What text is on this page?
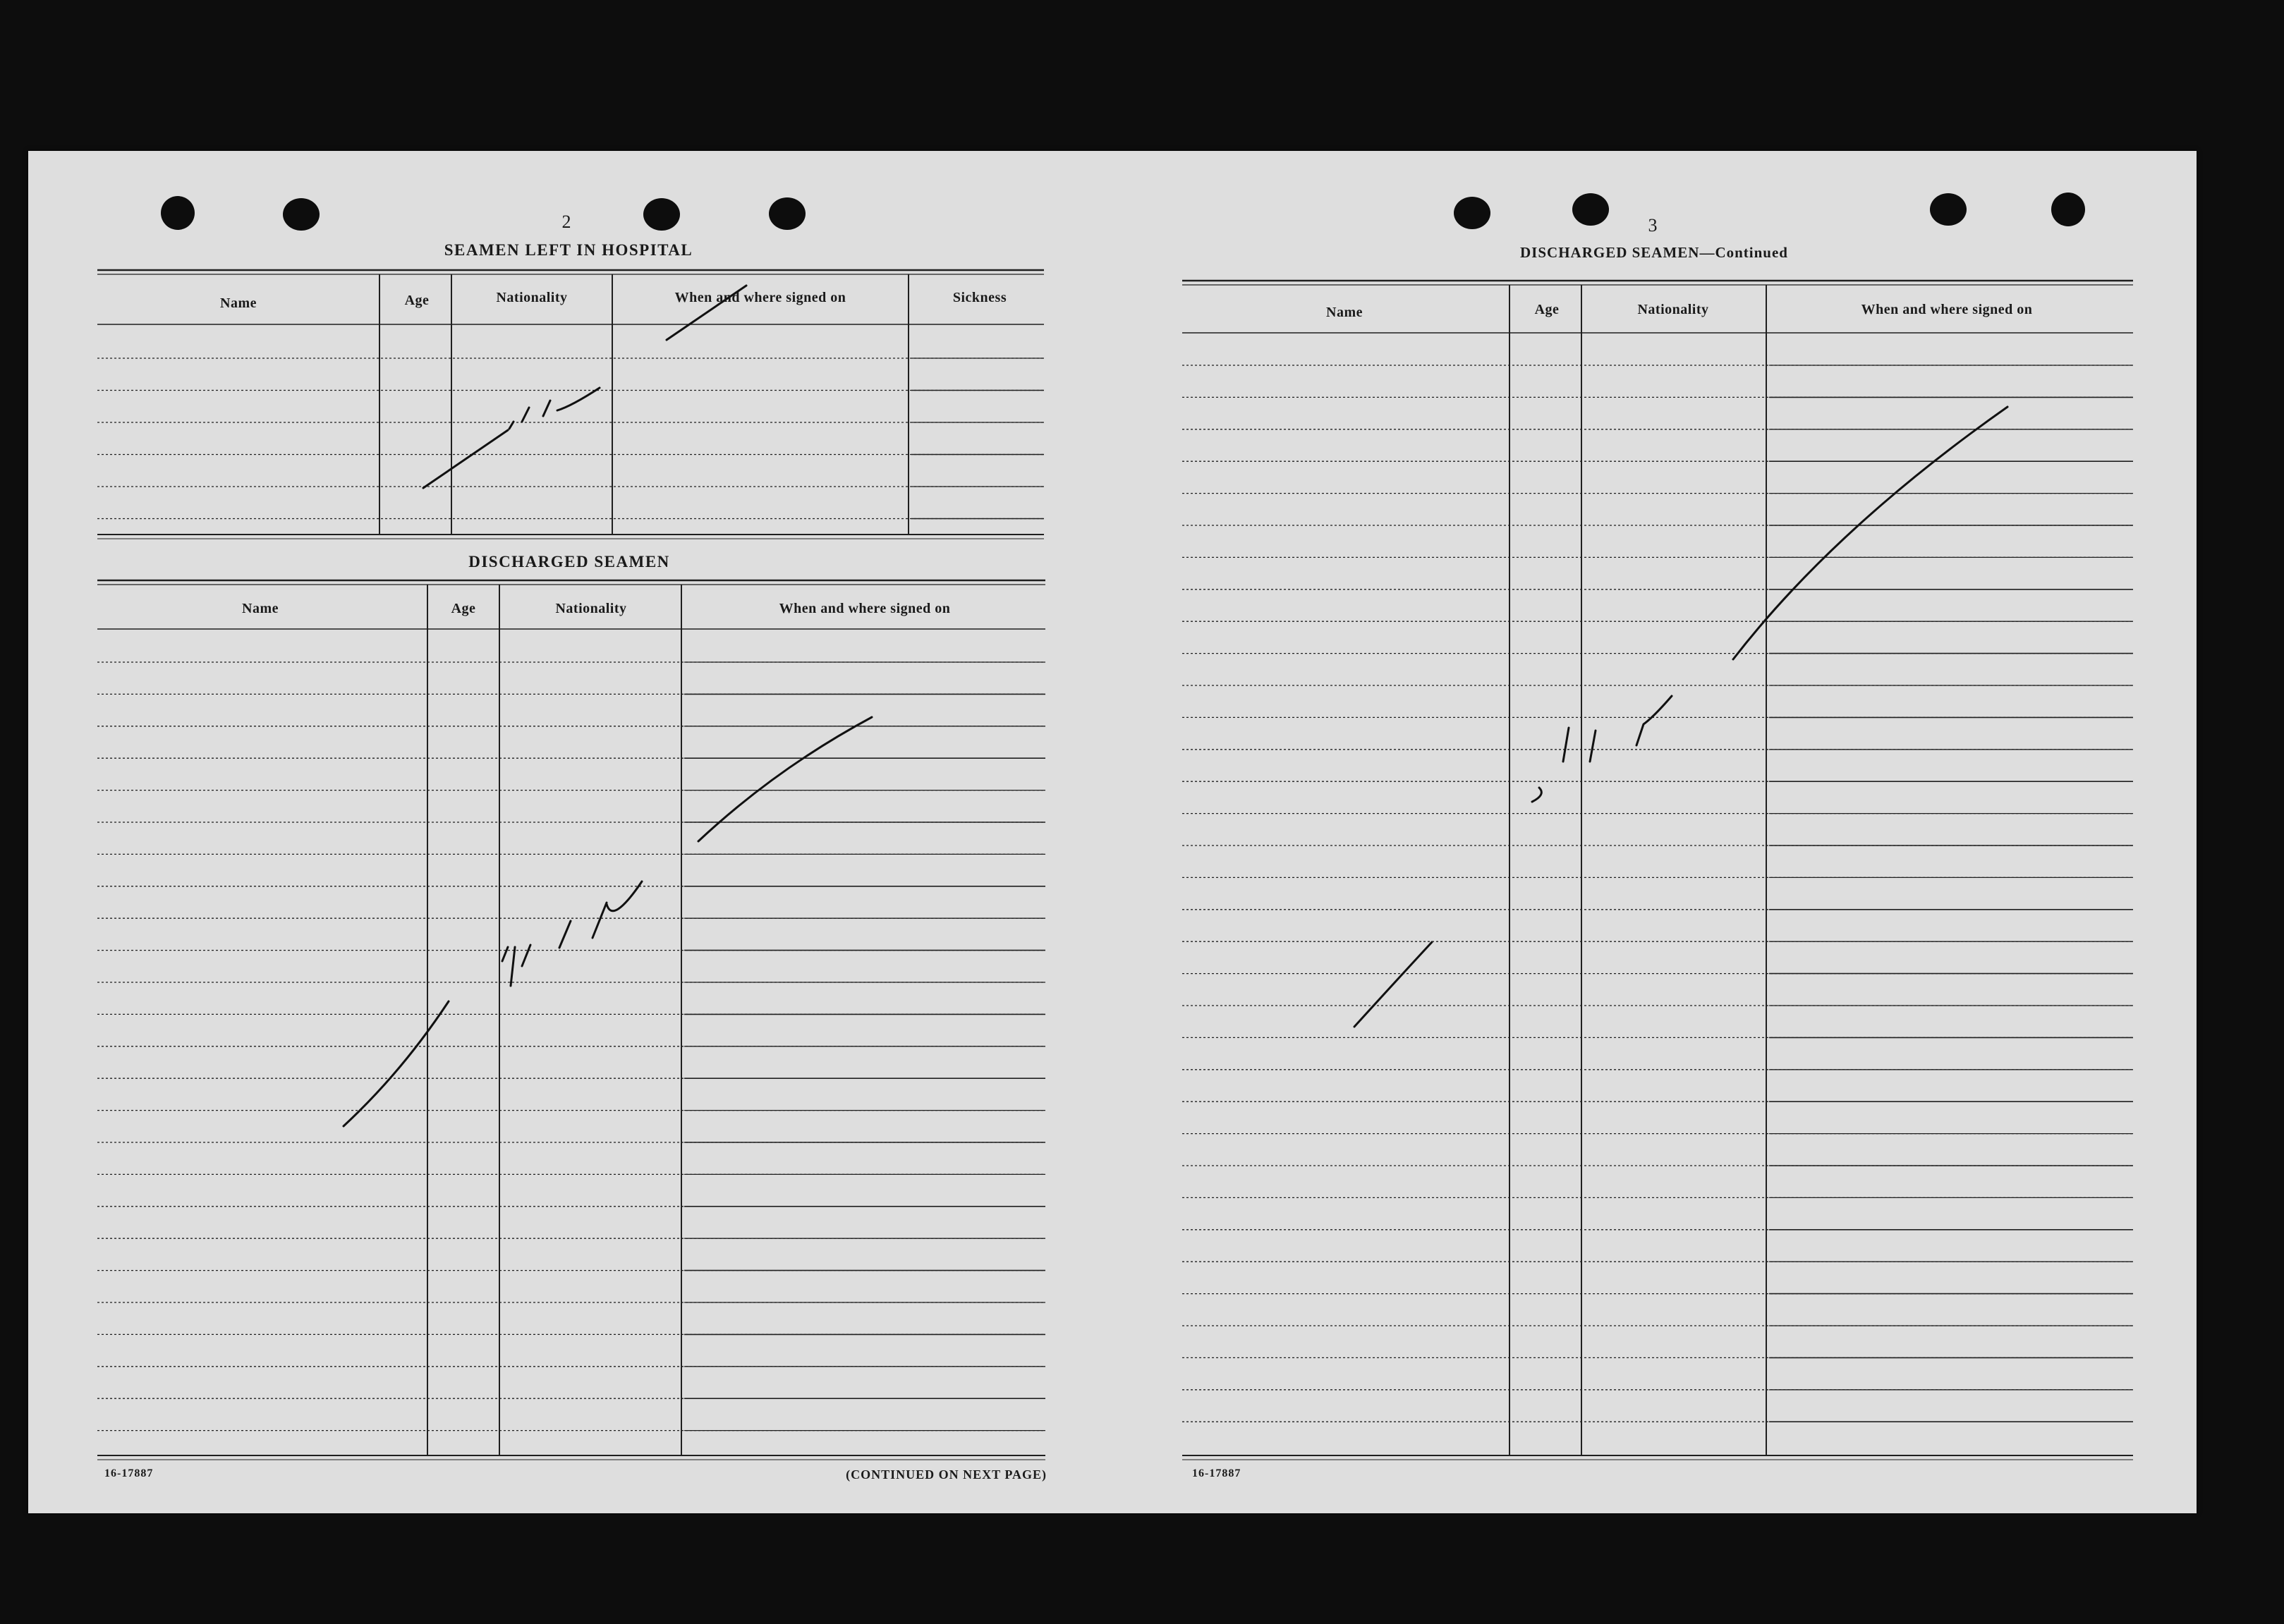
2
SEAMEN LEFT IN HOSPITAL
Name	Age	Nationality	When and where signed on	Sickness
DISCHARGED SEAMEN
Name	Age	Nationality	When and where signed on
16-17887	(CONTINUED ON NEXT PAGE)
3
DISCHARGED SEAMEN—Continued
Name	Age	Nationality	When and where signed on
16-17887
